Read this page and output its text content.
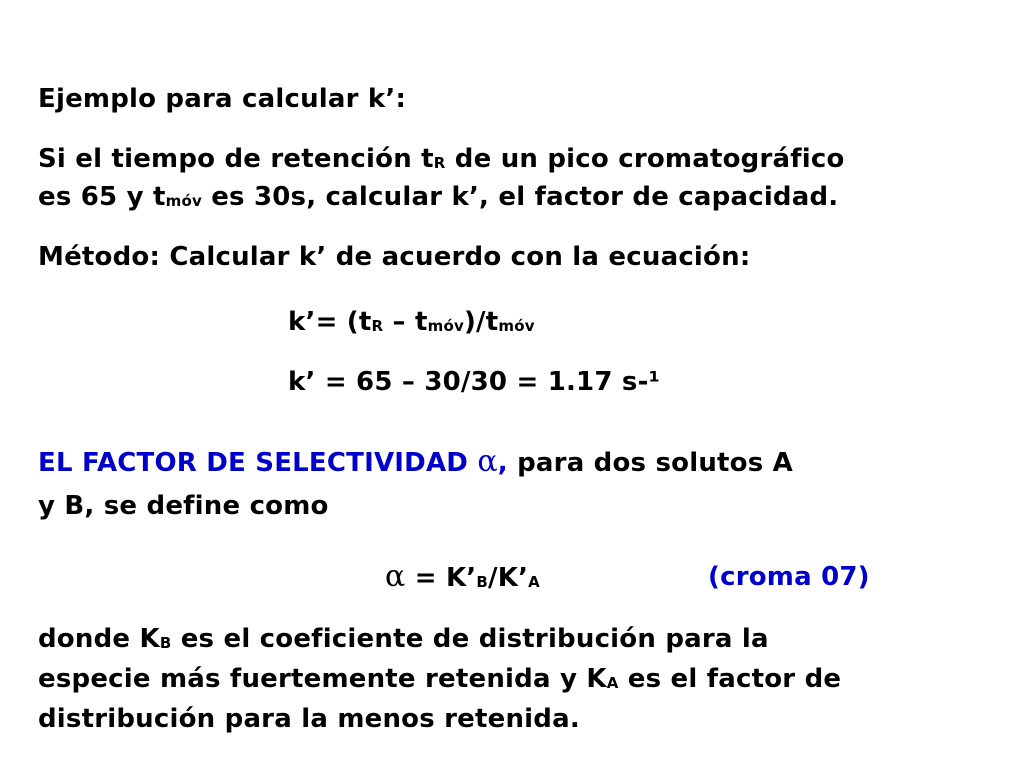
Ejemplo para calcular k’:
Si el tiempo de retención tR de un pico cromatográfico
es 65 y tmóv es 30s, calcular k’, el factor de capacidad.
Método: Calcular k’ de acuerdo con la ecuación:
k’= (tR – tmóv)/tmóv
k’ = 65 – 30/30 = 1.17 s-¹
EL FACTOR DE SELECTIVIDAD α, para dos solutos A
y B, se define como
α = K’B/K’A	(croma 07)
donde KB es el coeficiente de distribución para la
especie más fuertemente retenida y KA es el factor de
distribución para la menos retenida.
